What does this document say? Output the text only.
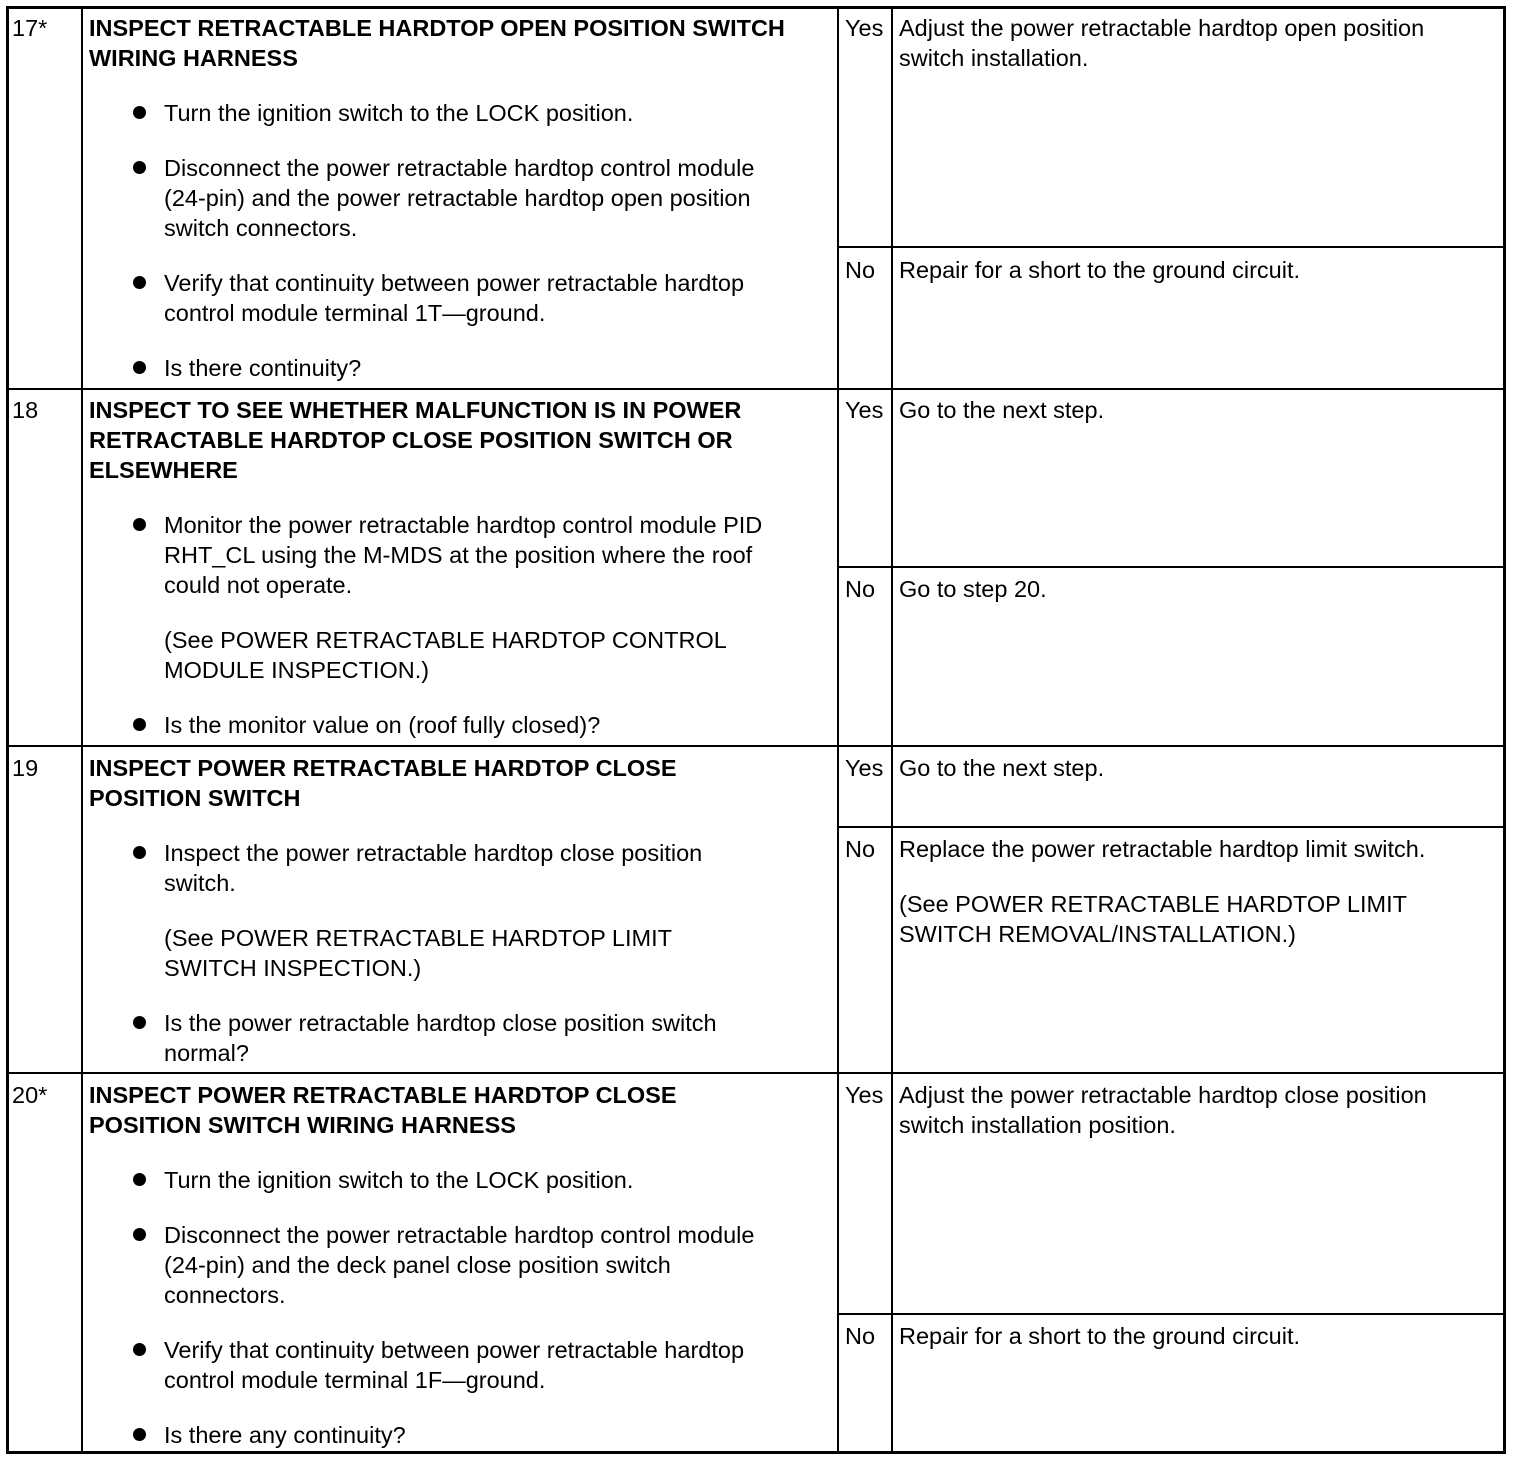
17* INSPECT RETRACTABLE HARDTOP OPEN POSITION SWITCH
WIRING HARNESS
Turn the ignition switch to the LOCK position.
Disconnect the power retractable hardtop control module
(24-pin) and the power retractable hardtop open position
switch connectors.
Verify that continuity between power retractable hardtop
control module terminal 1T—ground.
Is there continuity?
Yes Adjust the power retractable hardtop open position
switch installation.
No Repair for a short to the ground circuit.
18 INSPECT TO SEE WHETHER MALFUNCTION IS IN POWER
RETRACTABLE HARDTOP CLOSE POSITION SWITCH OR
ELSEWHERE
Monitor the power retractable hardtop control module PID
RHT_CL using the M-MDS at the position where the roof
could not operate.
(See POWER RETRACTABLE HARDTOP CONTROL
MODULE INSPECTION.)
Is the monitor value on (roof fully closed)?
Yes Go to the next step.
No Go to step 20.
19 INSPECT POWER RETRACTABLE HARDTOP CLOSE
POSITION SWITCH
Inspect the power retractable hardtop close position
switch.
(See POWER RETRACTABLE HARDTOP LIMIT
SWITCH INSPECTION.)
Is the power retractable hardtop close position switch
normal?
Yes Go to the next step.
No Replace the power retractable hardtop limit switch.
(See POWER RETRACTABLE HARDTOP LIMIT
SWITCH REMOVAL/INSTALLATION.)
20* INSPECT POWER RETRACTABLE HARDTOP CLOSE
POSITION SWITCH WIRING HARNESS
Turn the ignition switch to the LOCK position.
Disconnect the power retractable hardtop control module
(24-pin) and the deck panel close position switch
connectors.
Verify that continuity between power retractable hardtop
control module terminal 1F—ground.
Is there any continuity?
Yes Adjust the power retractable hardtop close position
switch installation position.
No Repair for a short to the ground circuit.
